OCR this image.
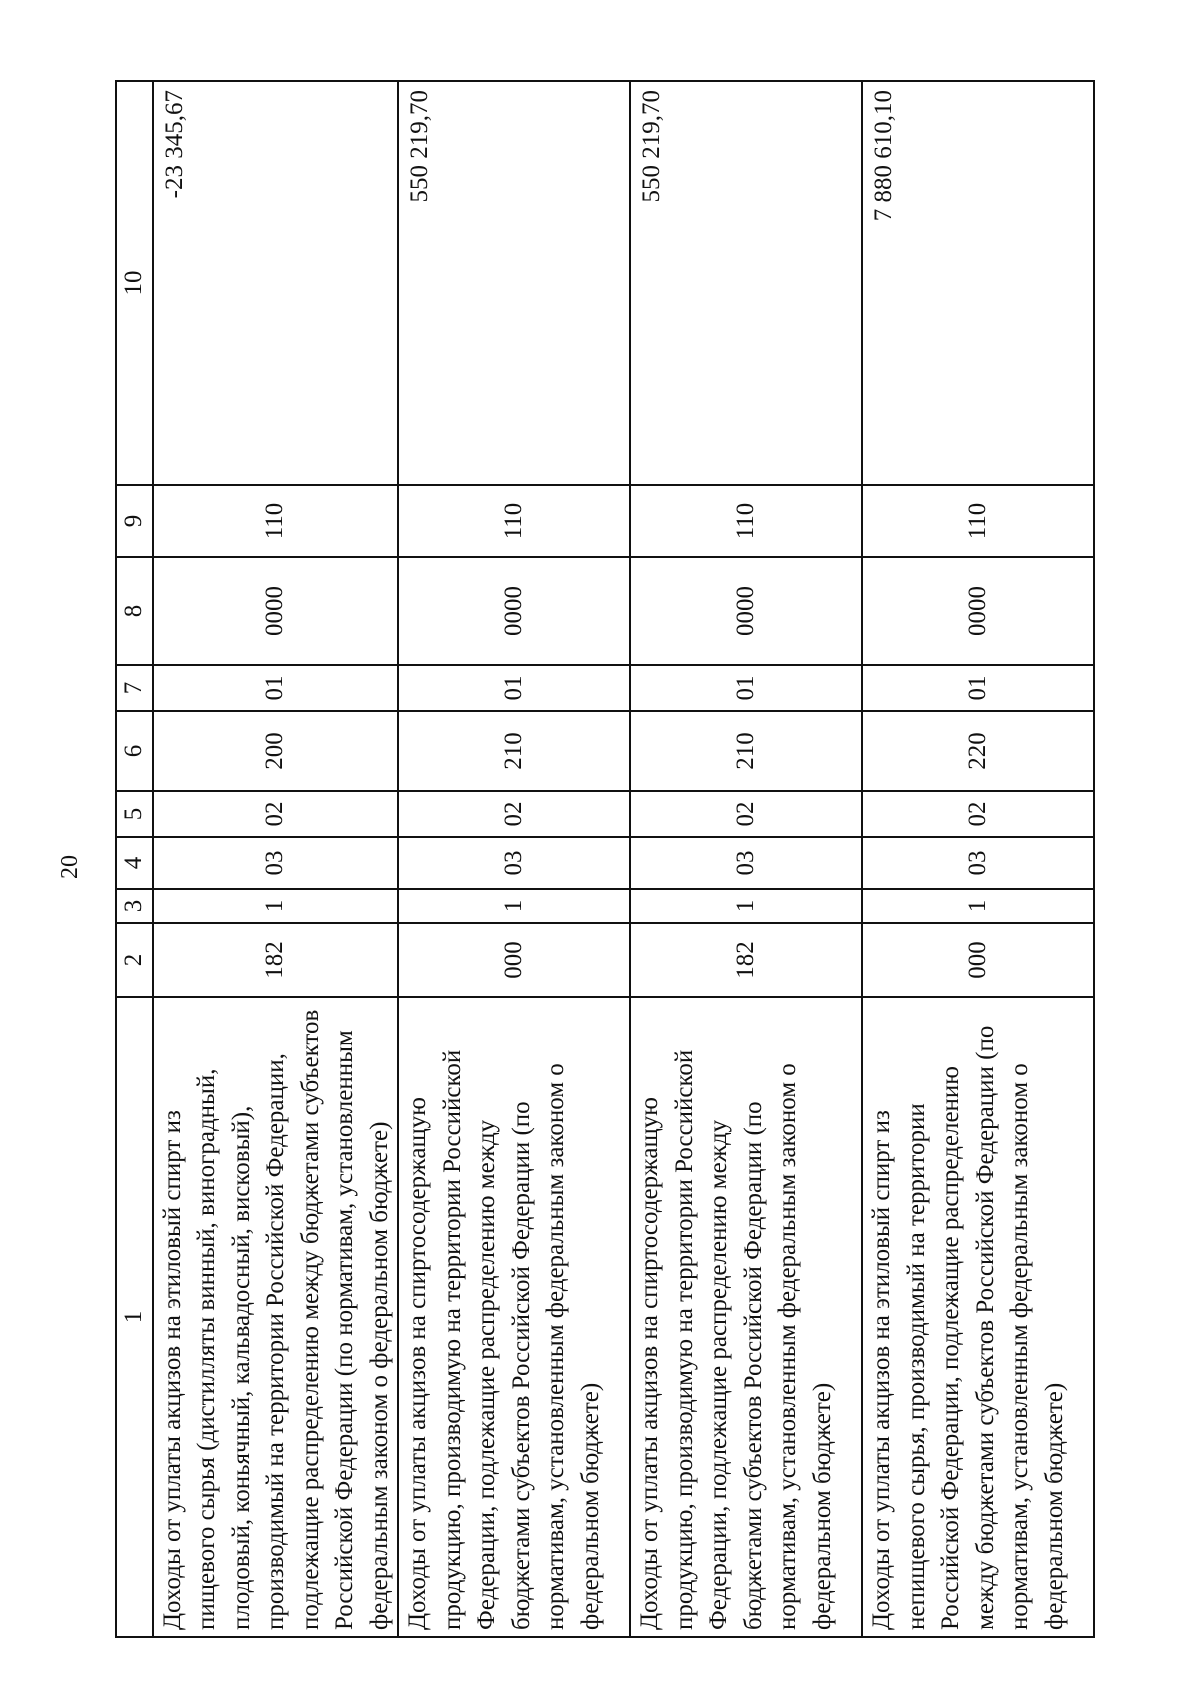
20
1	2	3	4	5	6	7	8	9	10
Доходы от уплаты акцизов на этиловый спирт из пищевого сырья (дистилляты винный, виноградный, плодовый, коньячный, кальвадосный, висковый), производимый на территории Российской Федерации, подлежащие распределению между бюджетами субъектов Российской Федерации (по нормативам, установленным федеральным законом о федеральном бюджете)	182	1	03	02	200	01	0000	110	-23 345,67
Доходы от уплаты акцизов на спиртосодержащую продукцию, производимую на территории Российской Федерации, подлежащие распределению между бюджетами субъектов Российской Федерации (по нормативам, установленным федеральным законом о федеральном бюджете)	000	1	03	02	210	01	0000	110	550 219,70
Доходы от уплаты акцизов на спиртосодержащую продукцию, производимую на территории Российской Федерации, подлежащие распределению между бюджетами субъектов Российской Федерации (по нормативам, установленным федеральным законом о федеральном бюджете)	182	1	03	02	210	01	0000	110	550 219,70
Доходы от уплаты акцизов на этиловый спирт из непищевого сырья, производимый на территории Российской Федерации, подлежащие распределению между бюджетами субъектов Российской Федерации (по нормативам, установленным федеральным законом о федеральном бюджете)	000	1	03	02	220	01	0000	110	7 880 610,10
